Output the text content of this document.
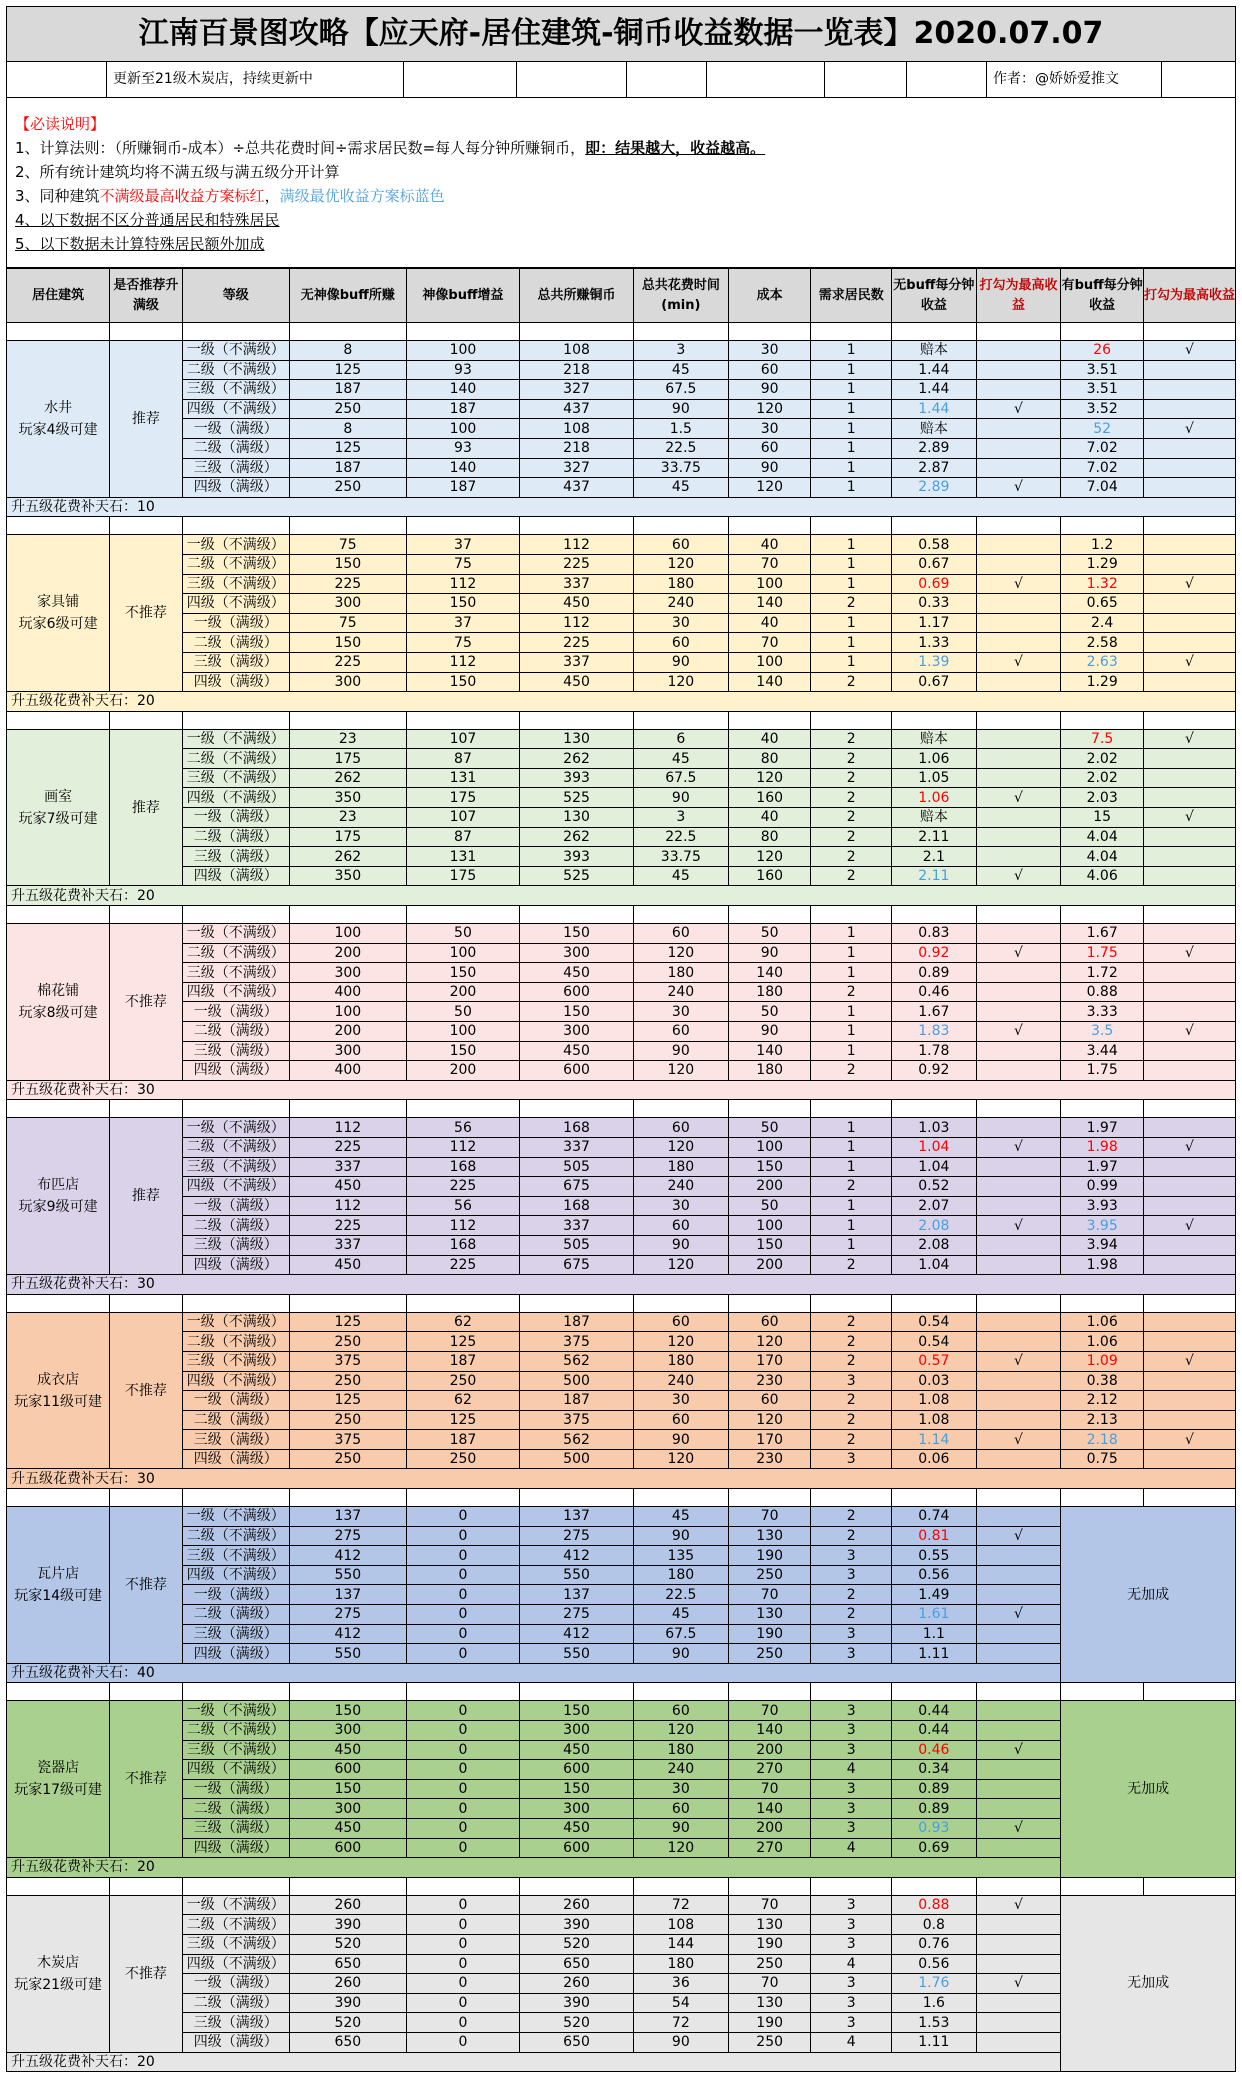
江南百景图攻略【应天府-居住建筑-铜币收益数据一览表】2020.07.07
更新至21级木炭店，持续更新中	作者：@娇娇爱推文
【必读说明】
1、计算法则：（所赚铜币-成本）÷总共花费时间÷需求居民数=每人每分钟所赚铜币，即：结果越大，收益越高。
2、所有统计建筑均将不满五级与满五级分开计算
3、同种建筑不满级最高收益方案标红，满级最优收益方案标蓝色
4、以下数据不区分普通居民和特殊居民
5、以下数据未计算特殊居民额外加成
居住建筑	是否推荐升满级	等级	无神像buff所赚	神像buff增益	总共所赚铜币	总共花费时间(min)	成本	需求居民数	无buff每分钟收益	打勾为最高收益	有buff每分钟收益	打勾为最高收益

水井
玩家4级可建	推荐	一级（不满级）	8	100	108	3	30	1	赔本		26	√
		二级（不满级）	125	93	218	45	60	1	1.44		3.51	
		三级（不满级）	187	140	327	67.5	90	1	1.44		3.51	
		四级（不满级）	250	187	437	90	120	1	1.44	√	3.52	
		一级（满级）	8	100	108	1.5	30	1	赔本		52	√
		二级（满级）	125	93	218	22.5	60	1	2.89		7.02	
		三级（满级）	187	140	327	33.75	90	1	2.87		7.02	
		四级（满级）	250	187	437	45	120	1	2.89	√	7.04	
升五级花费补天石：10												

家具铺
玩家6级可建	不推荐	一级（不满级）	75	37	112	60	40	1	0.58		1.2	
		二级（不满级）	150	75	225	120	70	1	0.67		1.29	
		三级（不满级）	225	112	337	180	100	1	0.69	√	1.32	√
		四级（不满级）	300	150	450	240	140	2	0.33		0.65	
		一级（满级）	75	37	112	30	40	1	1.17		2.4	
		二级（满级）	150	75	225	60	70	1	1.33		2.58	
		三级（满级）	225	112	337	90	100	1	1.39	√	2.63	√
		四级（满级）	300	150	450	120	140	2	0.67		1.29	
升五级花费补天石：20												

画室
玩家7级可建	推荐	一级（不满级）	23	107	130	6	40	2	赔本		7.5	√
		二级（不满级）	175	87	262	45	80	2	1.06		2.02	
		三级（不满级）	262	131	393	67.5	120	2	1.05		2.02	
		四级（不满级）	350	175	525	90	160	2	1.06	√	2.03	
		一级（满级）	23	107	130	3	40	2	赔本		15	√
		二级（满级）	175	87	262	22.5	80	2	2.11		4.04	
		三级（满级）	262	131	393	33.75	120	2	2.1		4.04	
		四级（满级）	350	175	525	45	160	2	2.11	√	4.06	
升五级花费补天石：20												

棉花铺
玩家8级可建	不推荐	一级（不满级）	100	50	150	60	50	1	0.83		1.67	
		二级（不满级）	200	100	300	120	90	1	0.92	√	1.75	√
		三级（不满级）	300	150	450	180	140	1	0.89		1.72	
		四级（不满级）	400	200	600	240	180	2	0.46		0.88	
		一级（满级）	100	50	150	30	50	1	1.67		3.33	
		二级（满级）	200	100	300	60	90	1	1.83	√	3.5	√
		三级（满级）	300	150	450	90	140	1	1.78		3.44	
		四级（满级）	400	200	600	120	180	2	0.92		1.75	
升五级花费补天石：30												

布匹店
玩家9级可建	推荐	一级（不满级）	112	56	168	60	50	1	1.03		1.97	
		二级（不满级）	225	112	337	120	100	1	1.04	√	1.98	√
		三级（不满级）	337	168	505	180	150	1	1.04		1.97	
		四级（不满级）	450	225	675	240	200	2	0.52		0.99	
		一级（满级）	112	56	168	30	50	1	2.07		3.93	
		二级（满级）	225	112	337	60	100	1	2.08	√	3.95	√
		三级（满级）	337	168	505	90	150	1	2.08		3.94	
		四级（满级）	450	225	675	120	200	2	1.04		1.98	
升五级花费补天石：30												

成衣店
玩家11级可建	不推荐	一级（不满级）	125	62	187	60	60	2	0.54		1.06	
		二级（不满级）	250	125	375	120	120	2	0.54		1.06	
		三级（不满级）	375	187	562	180	170	2	0.57	√	1.09	√
		四级（不满级）	250	250	500	240	230	3	0.03		0.38	
		一级（满级）	125	62	187	30	60	2	1.08		2.12	
		二级（满级）	250	125	375	60	120	2	1.08		2.13	
		三级（满级）	375	187	562	90	170	2	1.14	√	2.18	√
		四级（满级）	250	250	500	120	230	3	0.06		0.75	
升五级花费补天石：30												

瓦片店
玩家14级可建	不推荐	一级（不满级）	137	0	137	45	70	2	0.74		无加成	
		二级（不满级）	275	0	275	90	130	2	0.81	√		
		三级（不满级）	412	0	412	135	190	3	0.55			
		四级（不满级）	550	0	550	180	250	3	0.56			
		一级（满级）	137	0	137	22.5	70	2	1.49			
		二级（满级）	275	0	275	45	130	2	1.61	√		
		三级（满级）	412	0	412	67.5	190	3	1.1			
		四级（满级）	550	0	550	90	250	3	1.11			
升五级花费补天石：40												

瓷器店
玩家17级可建	不推荐	一级（不满级）	150	0	150	60	70	3	0.44		无加成	
		二级（不满级）	300	0	300	120	140	3	0.44			
		三级（不满级）	450	0	450	180	200	3	0.46	√		
		四级（不满级）	600	0	600	240	270	4	0.34			
		一级（满级）	150	0	150	30	70	3	0.89			
		二级（满级）	300	0	300	60	140	3	0.89			
		三级（满级）	450	0	450	90	200	3	0.93	√		
		四级（满级）	600	0	600	120	270	4	0.69			
升五级花费补天石：20												

木炭店
玩家21级可建	不推荐	一级（不满级）	260	0	260	72	70	3	0.88	√	无加成	
		二级（不满级）	390	0	390	108	130	3	0.8			
		三级（不满级）	520	0	520	144	190	3	0.76			
		四级（不满级）	650	0	650	180	250	4	0.56			
		一级（满级）	260	0	260	36	70	3	1.76	√		
		二级（满级）	390	0	390	54	130	3	1.6			
		三级（满级）	520	0	520	72	190	3	1.53			
		四级（满级）	650	0	650	90	250	4	1.11			
升五级花费补天石：20												
